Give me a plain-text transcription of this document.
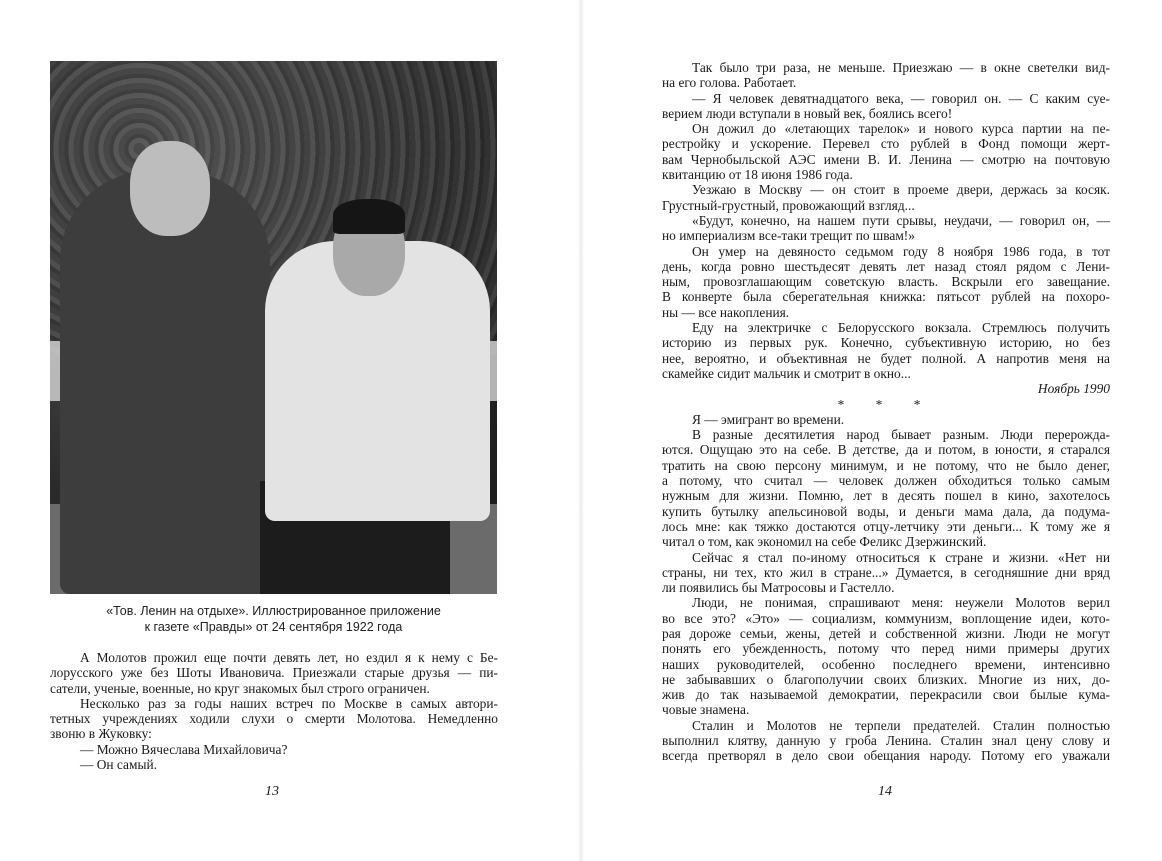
«Тов. Ленин на отдыхе». Иллюстрированное приложение
к газете «Правды» от 24 сентября 1922 года
А Молотов прожил еще почти девять лет, но ездил я к нему с Бе-
лорусского уже без Шоты Ивановича. Приезжали старые друзья — пи-
сатели, ученые, военные, но круг знакомых был строго ограничен.
Несколько раз за годы наших встреч по Москве в самых автори-
тетных учреждениях ходили слухи о смерти Молотова. Немедленно
звоню в Жуковку:
— Можно Вячеслава Михайловича?
— Он самый.
13
Так было три раза, не меньше. Приезжаю — в окне светелки вид-
на его голова. Работает.
— Я человек девятнадцатого века, — говорил он. — С каким суе-
верием люди вступали в новый век, боялись всего!
Он дожил до «летающих тарелок» и нового курса партии на пе-
рестройку и ускорение. Перевел сто рублей в Фонд помощи жерт-
вам Чернобыльской АЭС имени В. И. Ленина — смотрю на почтовую
квитанцию от 18 июня 1986 года.
Уезжаю в Москву — он стоит в проеме двери, держась за косяк.
Грустный-грустный, провожающий взгляд...
«Будут, конечно, на нашем пути срывы, неудачи, — говорил он, —
но империализм все-таки трещит по швам!»
Он умер на девяносто седьмом году 8 ноября 1986 года, в тот
день, когда ровно шестьдесят девять лет назад стоял рядом с Лени-
ным, провозглашающим советскую власть. Вскрыли его завещание.
В конверте была сберегательная книжка: пятьсот рублей на похоро-
ны — все накопления.
Еду на электричке с Белорусского вокзала. Стремлюсь получить
историю из первых рук. Конечно, субъективную историю, но без
нее, вероятно, и объективная не будет полной. А напротив меня на
скамейке сидит мальчик и смотрит в окно...
Ноябрь 1990
* * *
Я — эмигрант во времени.
В разные десятилетия народ бывает разным. Люди перерожда-
ются. Ощущаю это на себе. В детстве, да и потом, в юности, я старался
тратить на свою персону минимум, и не потому, что не было денег,
а потому, что считал — человек должен обходиться только самым
нужным для жизни. Помню, лет в десять пошел в кино, захотелось
купить бутылку апельсиновой воды, и деньги мама дала, да подума-
лось мне: как тяжко достаются отцу-летчику эти деньги... К тому же я
читал о том, как экономил на себе Феликс Дзержинский.
Сейчас я стал по-иному относиться к стране и жизни. «Нет ни
страны, ни тех, кто жил в стране...» Думается, в сегодняшние дни вряд
ли появились бы Матросовы и Гастелло.
Люди, не понимая, спрашивают меня: неужели Молотов верил
во все это? «Это» — социализм, коммунизм, воплощение идеи, кото-
рая дороже семьи, жены, детей и собственной жизни. Люди не могут
понять его убежденность, потому что перед ними примеры других
наших руководителей, особенно последнего времени, интенсивно
не забывавших о благополучии своих близких. Многие из них, до-
жив до так называемой демократии, перекрасили свои былые кума-
човые знамена.
Сталин и Молотов не терпели предателей. Сталин полностью
выполнил клятву, данную у гроба Ленина. Сталин знал цену слову и
всегда претворял в дело свои обещания народу. Потому его уважали
14
